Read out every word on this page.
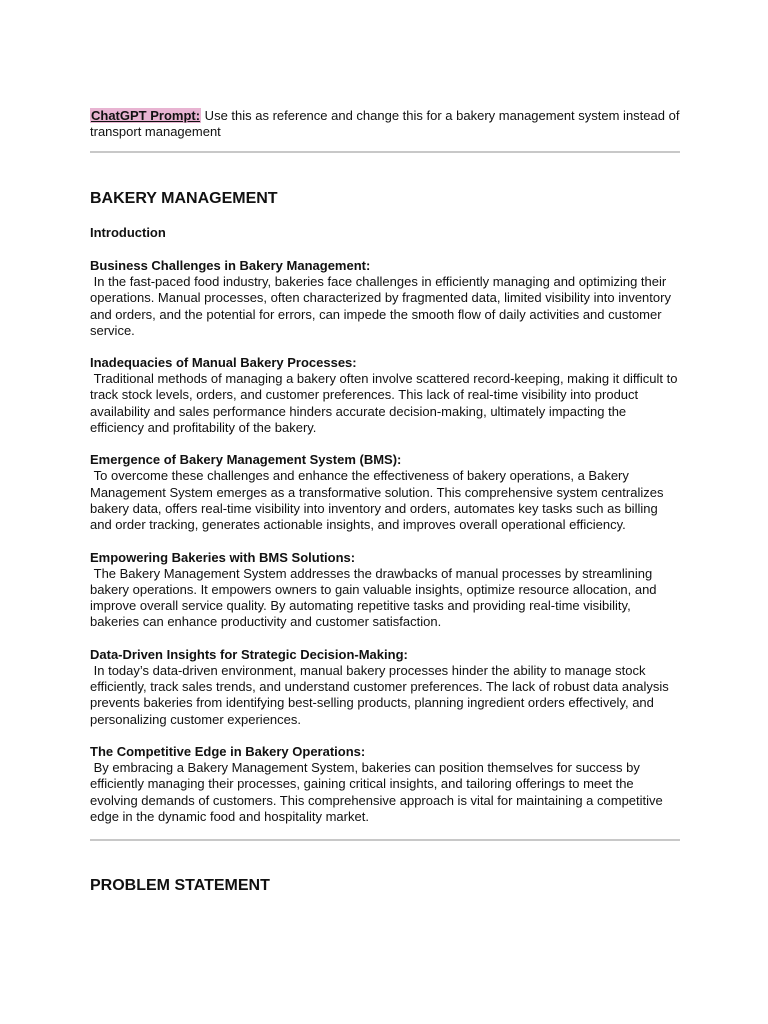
ChatGPT Prompt: Use this as reference and change this for a bakery management system instead of transport management

BAKERY MANAGEMENT

Introduction

Business Challenges in Bakery Management:

In the fast-paced food industry, bakeries face challenges in efficiently managing and optimizing their operations. Manual processes, often characterized by fragmented data, limited visibility into inventory and orders, and the potential for errors, can impede the smooth flow of daily activities and customer service.

Inadequacies of Manual Bakery Processes:

Traditional methods of managing a bakery often involve scattered record-keeping, making it difficult to track stock levels, orders, and customer preferences. This lack of real-time visibility into product availability and sales performance hinders accurate decision-making, ultimately impacting the efficiency and profitability of the bakery.

Emergence of Bakery Management System (BMS):

To overcome these challenges and enhance the effectiveness of bakery operations, a Bakery Management System emerges as a transformative solution. This comprehensive system centralizes bakery data, offers real-time visibility into inventory and orders, automates key tasks such as billing and order tracking, generates actionable insights, and improves overall operational efficiency.

Empowering Bakeries with BMS Solutions:

The Bakery Management System addresses the drawbacks of manual processes by streamlining bakery operations. It empowers owners to gain valuable insights, optimize resource allocation, and improve overall service quality. By automating repetitive tasks and providing real-time visibility, bakeries can enhance productivity and customer satisfaction.

Data-Driven Insights for Strategic Decision-Making:

In today’s data-driven environment, manual bakery processes hinder the ability to manage stock efficiently, track sales trends, and understand customer preferences. The lack of robust data analysis prevents bakeries from identifying best-selling products, planning ingredient orders effectively, and personalizing customer experiences.

The Competitive Edge in Bakery Operations:

By embracing a Bakery Management System, bakeries can position themselves for success by efficiently managing their processes, gaining critical insights, and tailoring offerings to meet the evolving demands of customers. This comprehensive approach is vital for maintaining a competitive edge in the dynamic food and hospitality market.

PROBLEM STATEMENT
